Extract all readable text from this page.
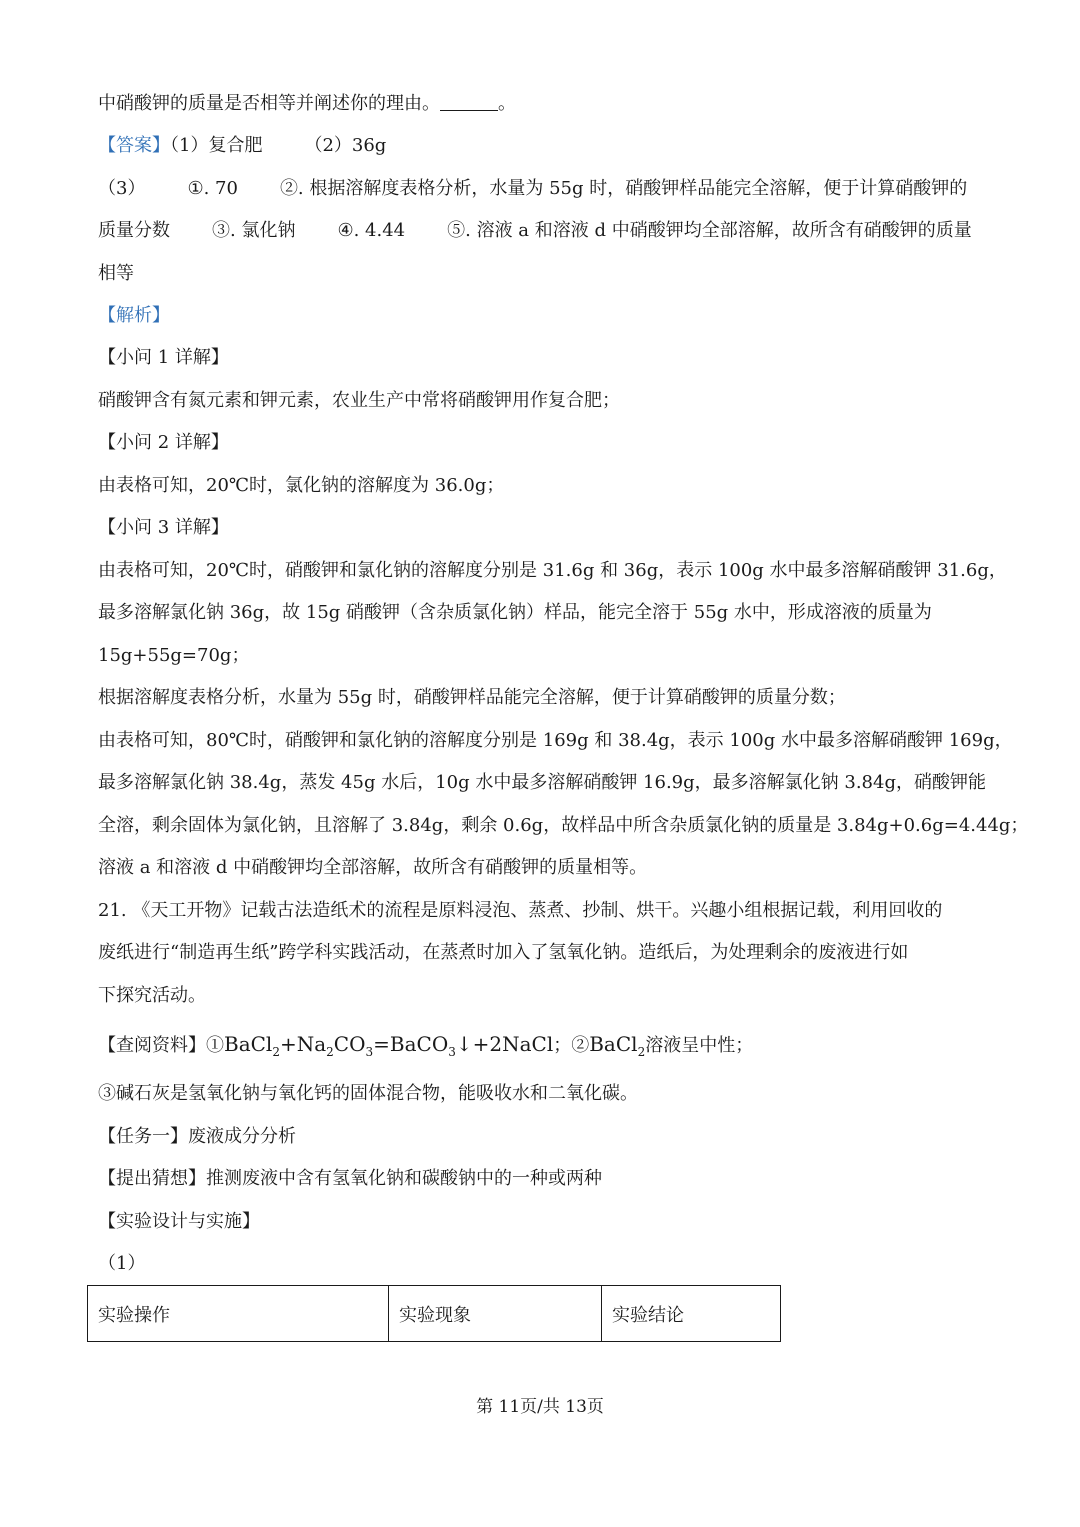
中硝酸钾的质量是否相等并阐述你的理由。	。
【答案】（1）复合肥 （2）36g
（3） ①. 70 ②. 根据溶解度表格分析，水量为 55g 时，硝酸钾样品能完全溶解，便于计算硝酸钾的
质量分数 ③. 氯化钠 ④. 4.44 ⑤. 溶液 a 和溶液 d 中硝酸钾均全部溶解，故所含有硝酸钾的质量
相等
【解析】
【小问 1 详解】
硝酸钾含有氮元素和钾元素，农业生产中常将硝酸钾用作复合肥；
【小问 2 详解】
由表格可知，20℃时，氯化钠的溶解度为 36.0g；
【小问 3 详解】
由表格可知，20℃时，硝酸钾和氯化钠的溶解度分别是 31.6g 和 36g，表示 100g 水中最多溶解硝酸钾 31.6g，
最多溶解氯化钠 36g，故 15g 硝酸钾（含杂质氯化钠）样品，能完全溶于 55g 水中，形成溶液的质量为
15g+55g=70g；
根据溶解度表格分析，水量为 55g 时，硝酸钾样品能完全溶解，便于计算硝酸钾的质量分数；
由表格可知，80℃时，硝酸钾和氯化钠的溶解度分别是 169g 和 38.4g，表示 100g 水中最多溶解硝酸钾 169g，
最多溶解氯化钠 38.4g，蒸发 45g 水后，10g 水中最多溶解硝酸钾 16.9g，最多溶解氯化钠 3.84g，硝酸钾能
全溶，剩余固体为氯化钠，且溶解了 3.84g，剩余 0.6g，故样品中所含杂质氯化钠的质量是 3.84g+0.6g=4.44g；
溶液 a 和溶液 d 中硝酸钾均全部溶解，故所含有硝酸钾的质量相等。
21. 《天工开物》记载古法造纸术的流程是原料浸泡、蒸煮、抄制、烘干。兴趣小组根据记载，利用回收的
废纸进行“制造再生纸”跨学科实践活动，在蒸煮时加入了氢氧化钠。造纸后，为处理剩余的废液进行如
下探究活动。
【查阅资料】$①BaCl_2+Na_2CO_3=BaCO_3↓+2NaCl$；②BaCl$_2$溶液呈中性；
③碱石灰是氢氧化钠与氧化钙的固体混合物，能吸收水和二氧化碳。
【任务一】废液成分分析
【提出猜想】推测废液中含有氢氧化钠和碳酸钠中的一种或两种
【实验设计与实施】
（1）
实验操作	实验现象	实验结论
第 11页/共 13页
